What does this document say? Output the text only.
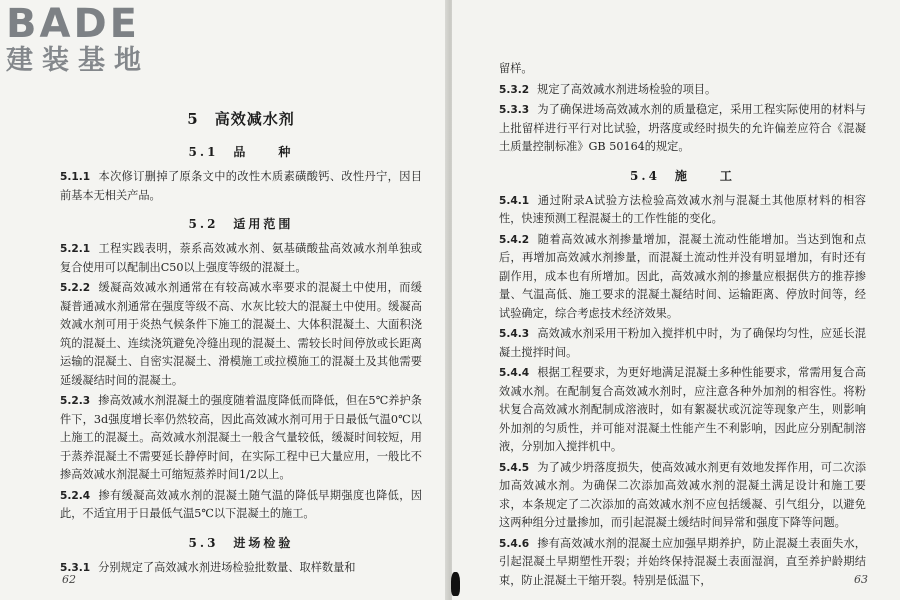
5　高效减水剂
5.1　品　　种

5.1.1 本次修订删掉了原条文中的改性木质素磺酸钙、改性丹宁，因目前基本无相关产品。

5.2　适用范围

5.2.1 工程实践表明，萘系高效减水剂、氨基磺酸盐高效减水剂单独或复合使用可以配制出C50以上强度等级的混凝土。

5.2.2 缓凝高效减水剂通常在有较高减水率要求的混凝土中使用，而缓凝普通减水剂通常在强度等级不高、水灰比较大的混凝土中使用。缓凝高效减水剂可用于炎热气候条件下施工的混凝土、大体积混凝土、大面积浇筑的混凝土、连续浇筑避免冷缝出现的混凝土、需较长时间停放或长距离运输的混凝土、自密实混凝土、滑模施工或拉模施工的混凝土及其他需要延缓凝结时间的混凝土。

5.2.3 掺高效减水剂混凝土的强度随着温度降低而降低，但在5℃养护条件下，3d强度增长率仍然较高，因此高效减水剂可用于日最低气温0℃以上施工的混凝土。高效减水剂混凝土一般含气量较低，缓凝时间较短，用于蒸养混凝土不需要延长静停时间，在实际工程中已大量应用，一般比不掺高效减水剂混凝土可缩短蒸养时间1/2以上。

5.2.4 掺有缓凝高效减水剂的混凝土随气温的降低早期强度也降低，因此，不适宜用于日最低气温5℃以下混凝土的施工。

5.3　进场检验

5.3.1 分别规定了高效减水剂进场检验批数量、取样数量和

62

留样。

5.3.2 规定了高效减水剂进场检验的项目。

5.3.3 为了确保进场高效减水剂的质量稳定，采用工程实际使用的材料与上批留样进行平行对比试验，坍落度或经时损失的允许偏差应符合《混凝土质量控制标准》GB 50164的规定。

5.4　施　　工

5.4.1 通过附录A试验方法检验高效减水剂与混凝土其他原材料的相容性，快速预测工程混凝土的工作性能的变化。

5.4.2 随着高效减水剂掺量增加，混凝土流动性能增加。当达到饱和点后，再增加高效减水剂掺量，而混凝土流动性并没有明显增加，有时还有副作用，成本也有所增加。因此，高效减水剂的掺量应根据供方的推荐掺量、气温高低、施工要求的混凝土凝结时间、运输距离、停放时间等，经试验确定，综合考虑技术经济效果。

5.4.3 高效减水剂采用干粉加入搅拌机中时，为了确保均匀性，应延长混凝土搅拌时间。

5.4.4 根据工程要求，为更好地满足混凝土多种性能要求，常需用复合高效减水剂。在配制复合高效减水剂时，应注意各种外加剂的相容性。将粉状复合高效减水剂配制成溶液时，如有絮凝状或沉淀等现象产生，则影响外加剂的匀质性，并可能对混凝土性能产生不利影响，因此应分别配制溶液，分别加入搅拌机中。

5.4.5 为了减少坍落度损失，使高效减水剂更有效地发挥作用，可二次添加高效减水剂。为确保二次添加高效减水剂的混凝土满足设计和施工要求，本条规定了二次添加的高效减水剂不应包括缓凝、引气组分，以避免这两种组分过量掺加，而引起混凝土缓结时间异常和强度下降等问题。

5.4.6 掺有高效减水剂的混凝土应加强早期养护，防止混凝土表面失水，引起混凝土早期塑性开裂；并始终保持混凝土表面湿润，直至养护龄期结束，防止混凝土干缩开裂。特别是低温下，	63
BADE
建装基地
